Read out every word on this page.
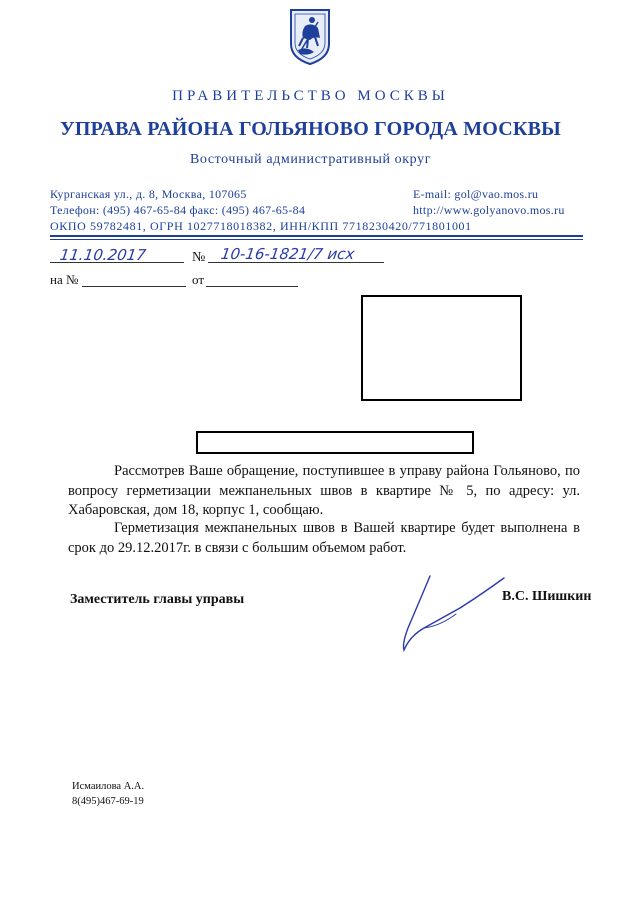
ПРАВИТЕЛЬСТВО МОСКВЫ
УПРАВА РАЙОНА ГОЛЬЯНОВО ГОРОДА МОСКВЫ
Восточный административный округ
Курганская ул., д. 8, Москва, 107065
Телефон: (495) 467-65-84 факс: (495) 467-65-84
ОКПО 59782481, ОГРН 1027718018382, ИНН/КПП 7718230420/771801001
E-mail: gol@vao.mos.ru
http://www.golyanovo.mos.ru
11.10.2017	№ 10-16-1821/7 исх
на №	от
Рассмотрев Ваше обращение, поступившее в управу района Гольяново, по вопросу герметизации межпанельных швов в квартире № 5, по адресу: ул. Хабаровская, дом 18, корпус 1, сообщаю.
Герметизация межпанельных швов в Вашей квартире будет выполнена в срок до 29.12.2017г. в связи с большим объемом работ.
Заместитель главы управы	В.С. Шишкин
Исмаилова А.А.
8(495)467-69-19
